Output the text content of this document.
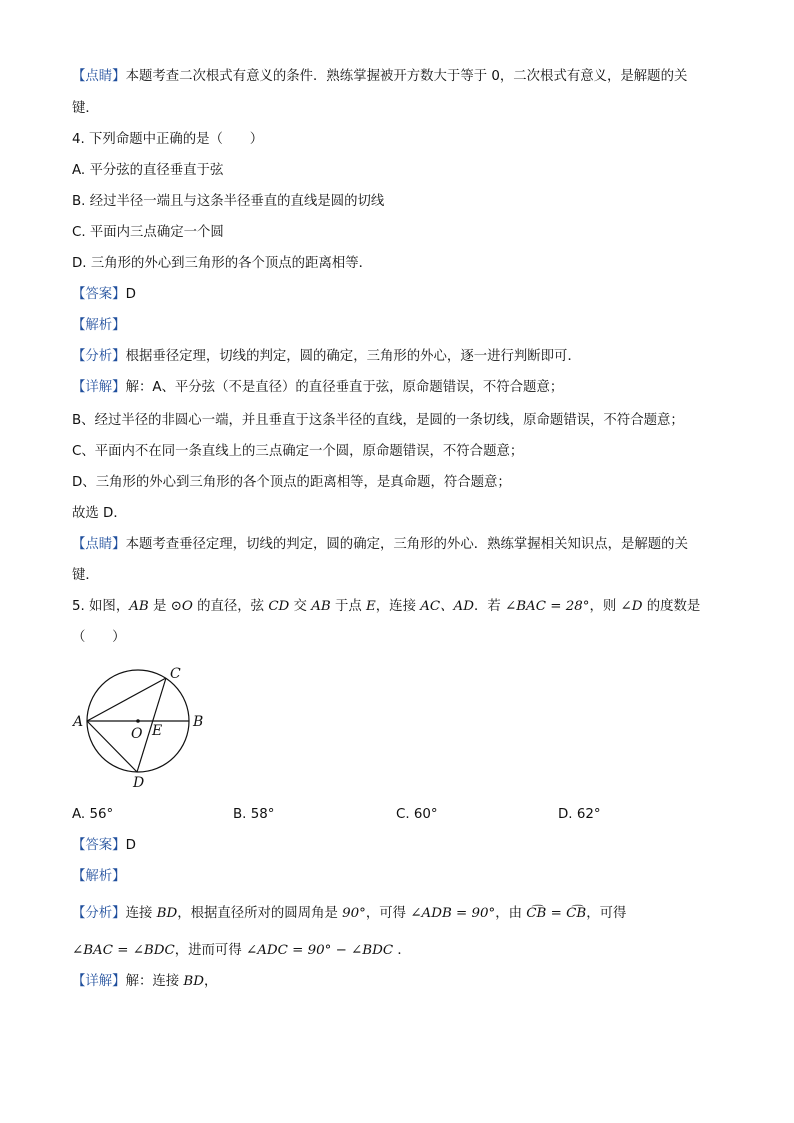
【点睛】本题考查二次根式有意义的条件．熟练掌握被开方数大于等于 0，二次根式有意义，是解题的关
键．
4. 下列命题中正确的是（　　）
A. 平分弦的直径垂直于弦
B. 经过半径一端且与这条半径垂直的直线是圆的切线
C. 平面内三点确定一个圆
D. 三角形的外心到三角形的各个顶点的距离相等．
【答案】D
【解析】
【分析】根据垂径定理，切线的判定，圆的确定，三角形的外心，逐一进行判断即可．
【详解】解：A、平分弦（不是直径）的直径垂直于弦，原命题错误，不符合题意；
B、经过半径的非圆心一端，并且垂直于这条半径的直线，是圆的一条切线，原命题错误，不符合题意；
C、平面内不在同一条直线上的三点确定一个圆，原命题错误，不符合题意；
D、三角形的外心到三角形的各个顶点的距离相等，是真命题，符合题意；
故选 D．
【点睛】本题考查垂径定理，切线的判定，圆的确定，三角形的外心．熟练掌握相关知识点，是解题的关
键．
5. 如图，AB 是 ⊙O 的直径，弦 CD 交 AB 于点 E，连接 AC、AD．若 ∠BAC = 28°，则 ∠D 的度数是
（　　）
A	B
C
D
O E
A. 56°	B. 58°	C. 60°	D. 62°
【答案】D
【解析】
【分析】连接 BD，根据直径所对的圆周角是 90°，可得 ∠ADB = 90°，由 C͡B = C͡B，可得
∠BAC = ∠BDC，进而可得 ∠ADC = 90° − ∠BDC ．
【详解】解：连接 BD，
